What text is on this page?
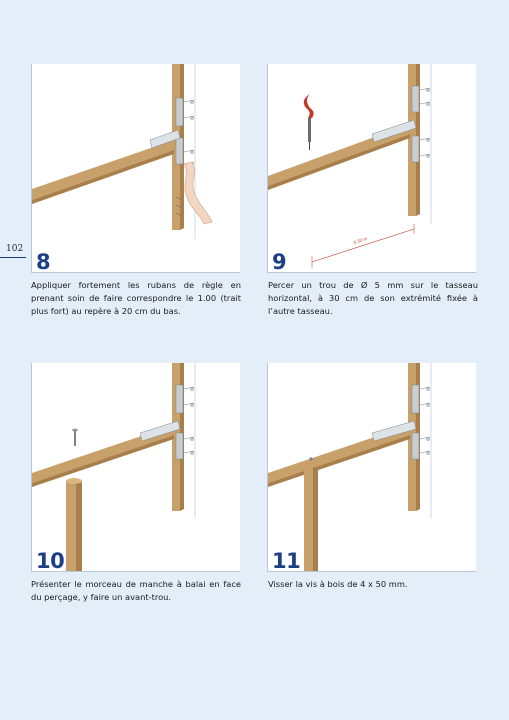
102
8
Appliquer fortement les rubans de règle en prenant soin de faire correspondre le 1.00 (trait plus fort) au repère à 20 cm du bas.
0,30 m
9
Percer un trou de Ø 5 mm sur le tasseau horizontal, à 30 cm de son extrémité fixée à l’autre tasseau.
10
Présenter le morceau de manche à balai en face du perçage, y faire un avant-trou.
11
Visser la vis à bois de 4 x 50 mm.
